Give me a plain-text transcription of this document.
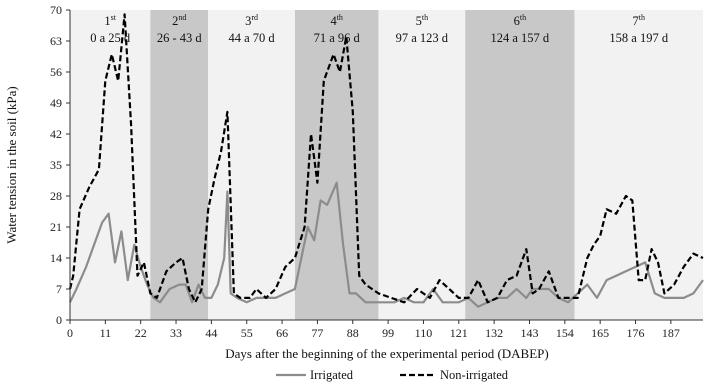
1st
0 a 25 d
2nd
26 - 43 d
3rd
44 a 70 d
4th
71 a 96 d
5th
97 a 123 d
6th
124 a 157 d
7th
158 a 197 d
0
7
14
21
28
35
42
49
56
63
70
0 11 22 33 44 55 66 77 88 99 110 121 132 143 154 165 176 187
Days after the beginning of the experimental period (DABEP)
Water tension in the soil (kPa)
Irrigated	Non-irrigated
